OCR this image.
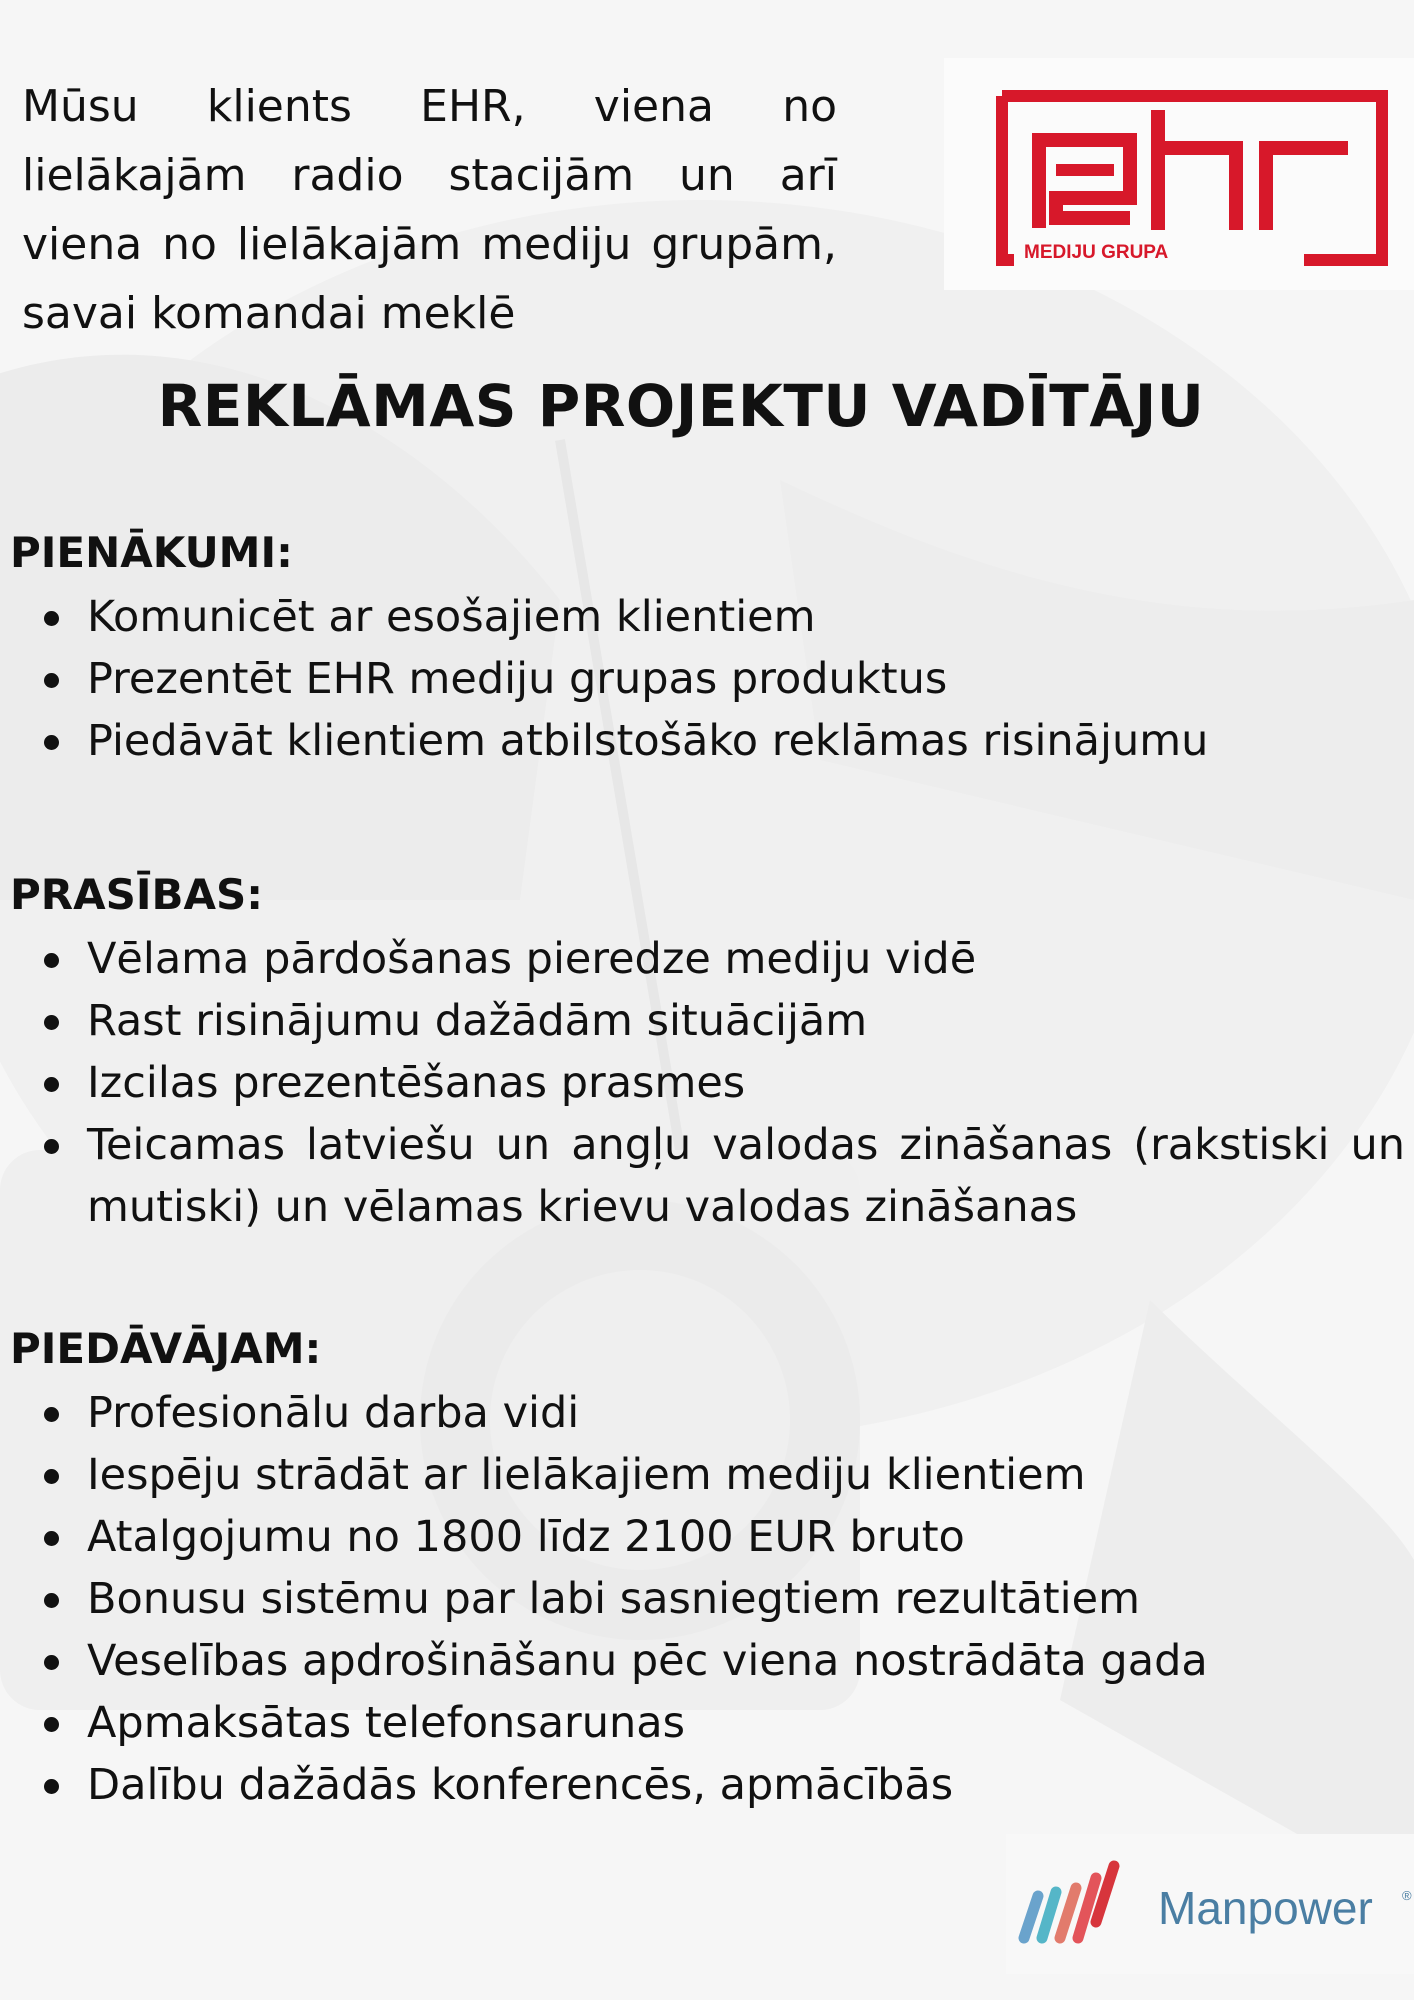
Mūsu klients EHR, viena no lielākajām radio stacijām un arī viena no lielākajām mediju grupām, savai komandai meklē

MEDIJU GRUPA
REKLĀMAS PROJEKTU VADĪTĀJU
PIENĀKUMI:
Komunicēt ar esošajiem klientiem
Prezentēt EHR mediju grupas produktus
Piedāvāt klientiem atbilstošāko reklāmas risinājumu
PRASĪBAS:
Vēlama pārdošanas pieredze mediju vidē
Rast risinājumu dažādām situācijām
Izcilas prezentēšanas prasmes
Teicamas latviešu un angļu valodas zināšanas (rakstiski un mutiski) un vēlamas krievu valodas zināšanas
PIEDĀVĀJAM:
Profesionālu darba vidi
Iespēju strādāt ar lielākajiem mediju klientiem
Atalgojumu no 1800 līdz 2100 EUR bruto
Bonusu sistēmu par labi sasniegtiem rezultātiem
Veselības apdrošināšanu pēc viena nostrādāta gada
Apmaksātas telefonsarunas
Dalību dažādās konferencēs, apmācībās
Manpower ®
